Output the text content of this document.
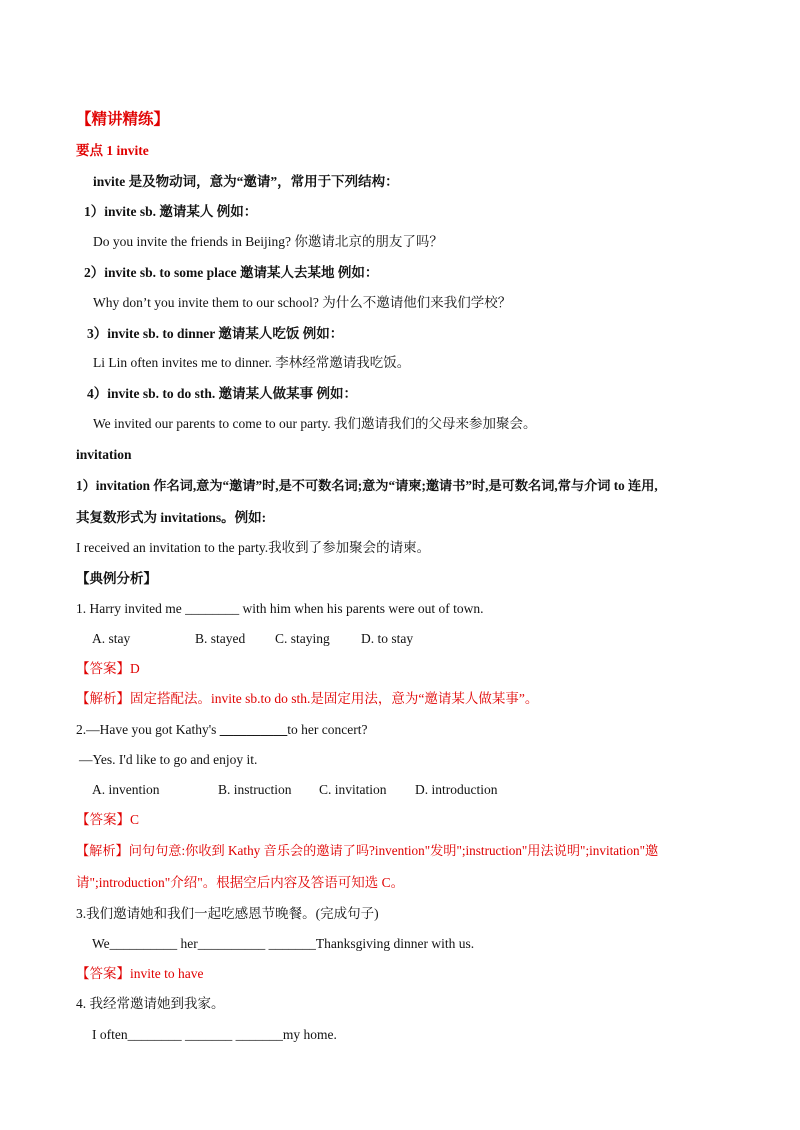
【精讲精练】
要点 1 invite
invite 是及物动词，意为“邀请”，常用于下列结构：
1）invite sb. 邀请某人 例如：
Do you invite the friends in Beijing? 你邀请北京的朋友了吗？
2）invite sb. to some place 邀请某人去某地 例如：
Why don’t you invite them to our school? 为什么不邀请他们来我们学校？
3）invite sb. to dinner 邀请某人吃饭 例如：
Li Lin often invites me to dinner. 李林经常邀请我吃饭。
4）invite sb. to do sth. 邀请某人做某事 例如：
We invited our parents to come to our party. 我们邀请我们的父母来参加聚会。
invitation
1）invitation 作名词,意为“邀请”时,是不可数名词;意为“请柬;邀请书”时,是可数名词,常与介词 to 连用,
其复数形式为 invitations。例如:
I received an invitation to the party.我收到了参加聚会的请柬。
【典例分析】
1. Harry invited me ________ with him when his parents were out of town.
A. stay	B. stayed C. staying D. to stay
【答案】D
【解析】固定搭配法。invite sb.to do sth.是固定用法，意为“邀请某人做某事”。
2.—Have you got Kathy's __________to her concert?
—Yes. I'd like to go and enjoy it.
A. invention	B. instruction C. invitation D. introduction
【答案】C
【解析】问句句意:你收到 Kathy 音乐会的邀请了吗?invention"发明";instruction"用法说明";invitation"邀
请";introduction"介绍"。根据空后内容及答语可知选 C。
3.我们邀请她和我们一起吃感恩节晚餐。(完成句子)
We__________ her__________ _______Thanksgiving dinner with us.
【答案】invite to have
4. 我经常邀请她到我家。
I often________ _______ _______my home.
